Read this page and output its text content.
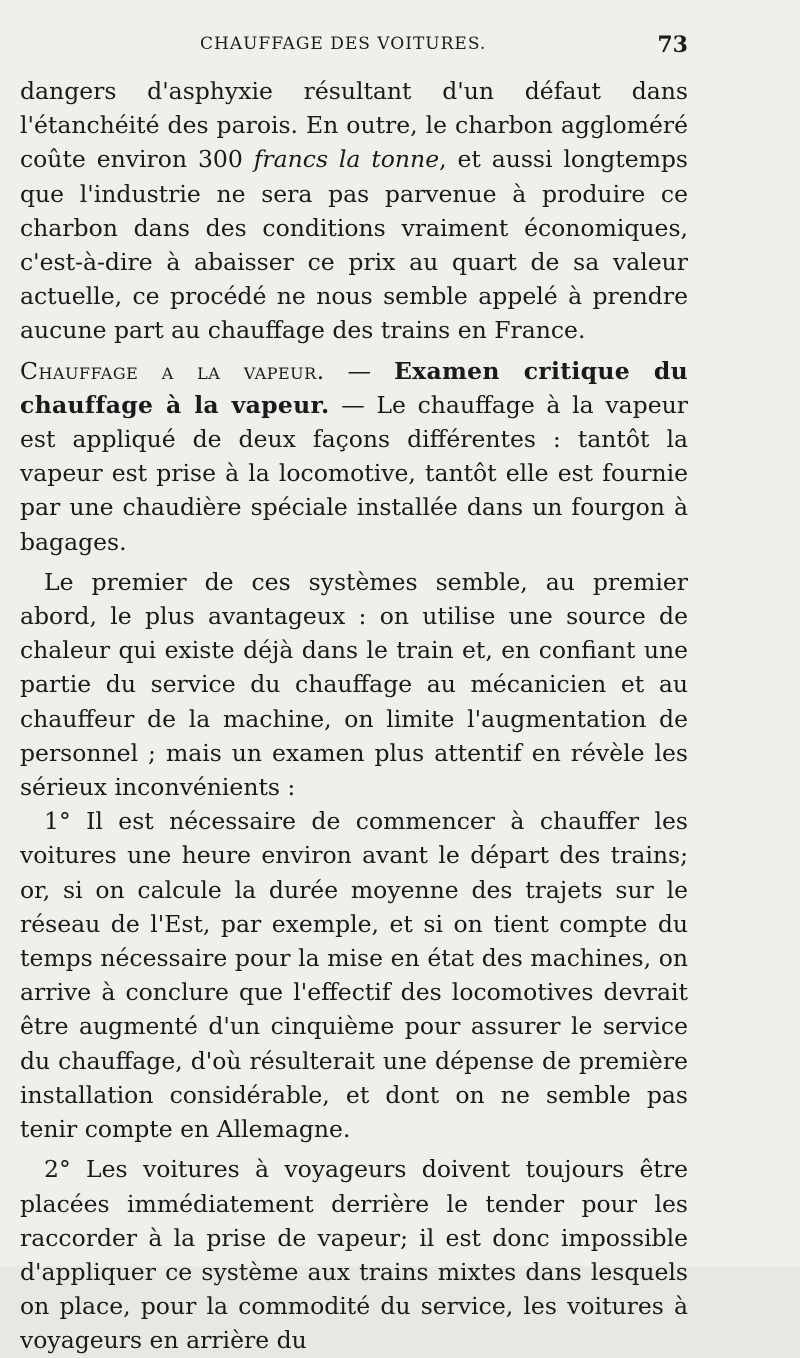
CHAUFFAGE DES VOITURES.	73

dangers d'asphyxie résultant d'un défaut dans l'étanchéité des parois. En outre, le charbon aggloméré coûte environ 300 francs la tonne, et aussi longtemps que l'industrie ne sera pas parvenue à produire ce charbon dans des conditions vraiment économiques, c'est-à-dire à abaisser ce prix au quart de sa valeur actuelle, ce procédé ne nous semble appelé à prendre aucune part au chauffage des trains en France.

Chauffage a la vapeur. — Examen critique du chauffage à la vapeur. — Le chauffage à la vapeur est appliqué de deux façons différentes : tantôt la vapeur est prise à la locomotive, tantôt elle est fournie par une chaudière spéciale installée dans un fourgon à bagages.

Le premier de ces systèmes semble, au premier abord, le plus avantageux : on utilise une source de chaleur qui existe déjà dans le train et, en confiant une partie du service du chauffage au mécanicien et au chauffeur de la machine, on limite l'augmentation de personnel ; mais un examen plus attentif en révèle les sérieux inconvénients :

1° Il est nécessaire de commencer à chauffer les voitures une heure environ avant le départ des trains; or, si on calcule la durée moyenne des trajets sur le réseau de l'Est, par exemple, et si on tient compte du temps nécessaire pour la mise en état des machines, on arrive à conclure que l'effectif des locomotives devrait être augmenté d'un cinquième pour assurer le service du chauffage, d'où résulterait une dépense de première installation considérable, et dont on ne semble pas tenir compte en Allemagne.

2° Les voitures à voyageurs doivent toujours être placées immédiatement derrière le tender pour les raccorder à la prise de vapeur; il est donc impossible d'appliquer ce système aux trains mixtes dans lesquels on place, pour la commodité du service, les voitures à voyageurs en arrière du
